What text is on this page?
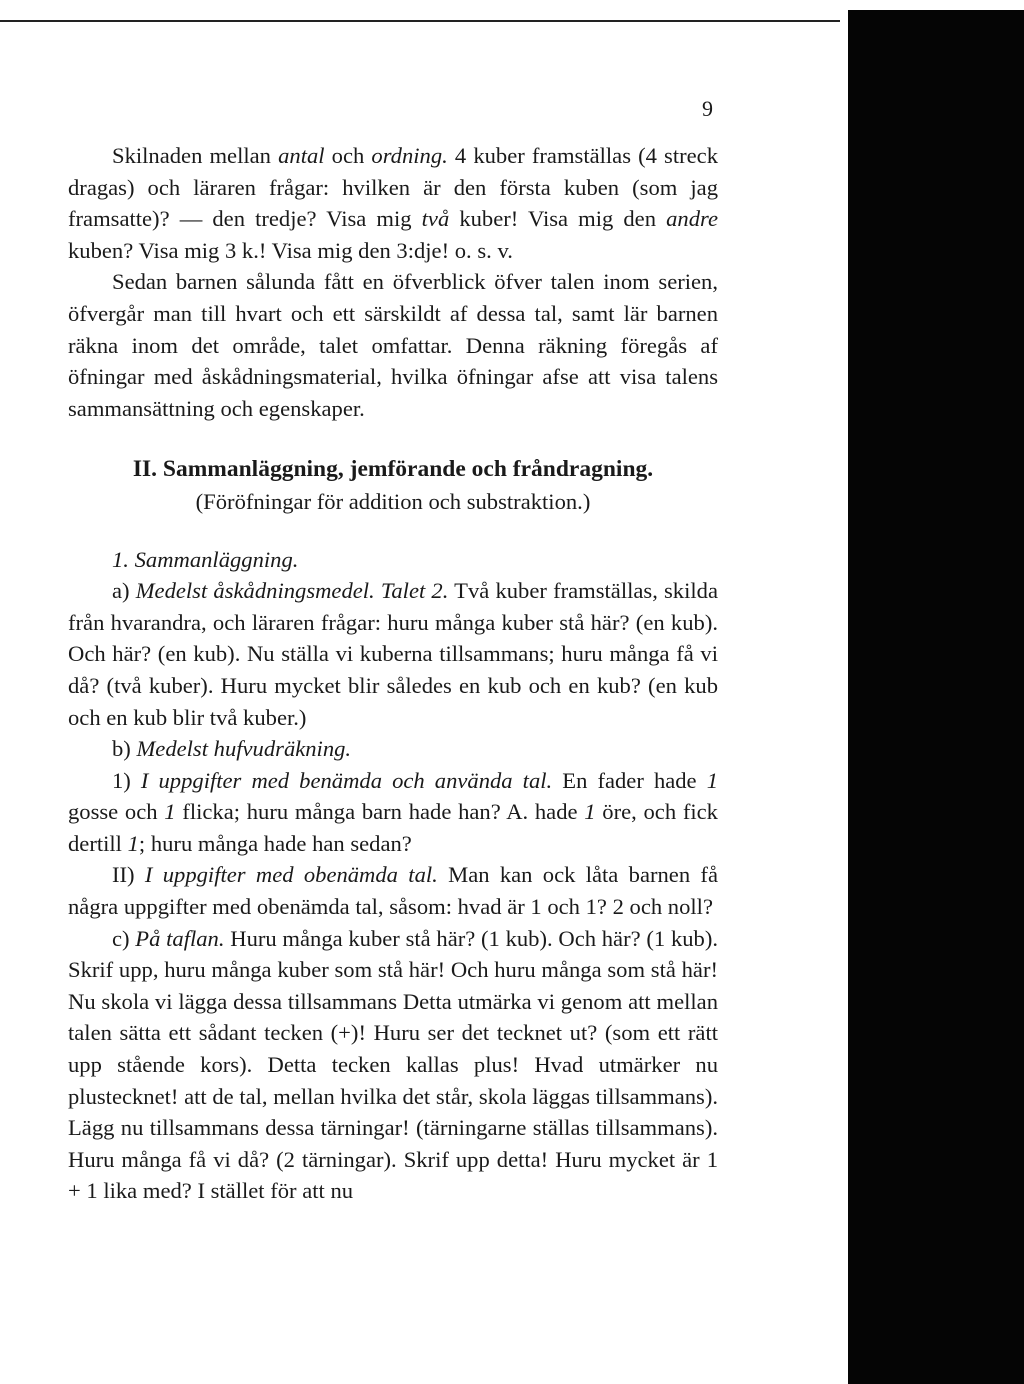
9

Skilnaden mellan antal och ordning. 4 kuber framställas (4 streck dragas) och läraren frågar: hvilken är den första kuben (som jag framsatte)? — den tredje? Visa mig två kuber! Visa mig den andre kuben? Visa mig 3 k.! Visa mig den 3:dje! o. s. v.

Sedan barnen sålunda fått en öfverblick öfver talen inom serien, öfvergår man till hvart och ett särskildt af dessa tal, samt lär barnen räkna inom det område, talet omfattar. Denna räkning föregås af öfningar med åskådningsmaterial, hvilka öfningar afse att visa talens sammansättning och egenskaper.

II. Sammanläggning, jemförande och fråndragning.

(Föröfningar för addition och substraktion.)

1. Sammanläggning.

a) Medelst åskådningsmedel. Talet 2. Två kuber framställas, skilda från hvarandra, och läraren frågar: huru många kuber stå här? (en kub). Och här? (en kub). Nu ställa vi kuberna tillsammans; huru många få vi då? (två kuber). Huru mycket blir således en kub och en kub? (en kub och en kub blir två kuber.)

b) Medelst hufvudräkning.

1) I uppgifter med benämda och använda tal. En fader hade 1 gosse och 1 flicka; huru många barn hade han? A. hade 1 öre, och fick dertill 1; huru många hade han sedan?

II) I uppgifter med obenämda tal. Man kan ock låta barnen få några uppgifter med obenämda tal, såsom: hvad är 1 och 1? 2 och noll?

c) På taflan. Huru många kuber stå här? (1 kub). Och här? (1 kub). Skrif upp, huru många kuber som stå här! Och huru många som stå här! Nu skola vi lägga dessa tillsammans Detta utmärka vi genom att mellan talen sätta ett sådant tecken (+)! Huru ser det tecknet ut? (som ett rätt upp stående kors). Detta tecken kallas plus! Hvad utmärker nu plustecknet! att de tal, mellan hvilka det står, skola läggas tillsammans). Lägg nu tillsammans dessa tärningar! (tärningarne ställas tillsammans). Huru många få vi då? (2 tärningar). Skrif upp detta! Huru mycket är 1 + 1 lika med? I stället för att nu
